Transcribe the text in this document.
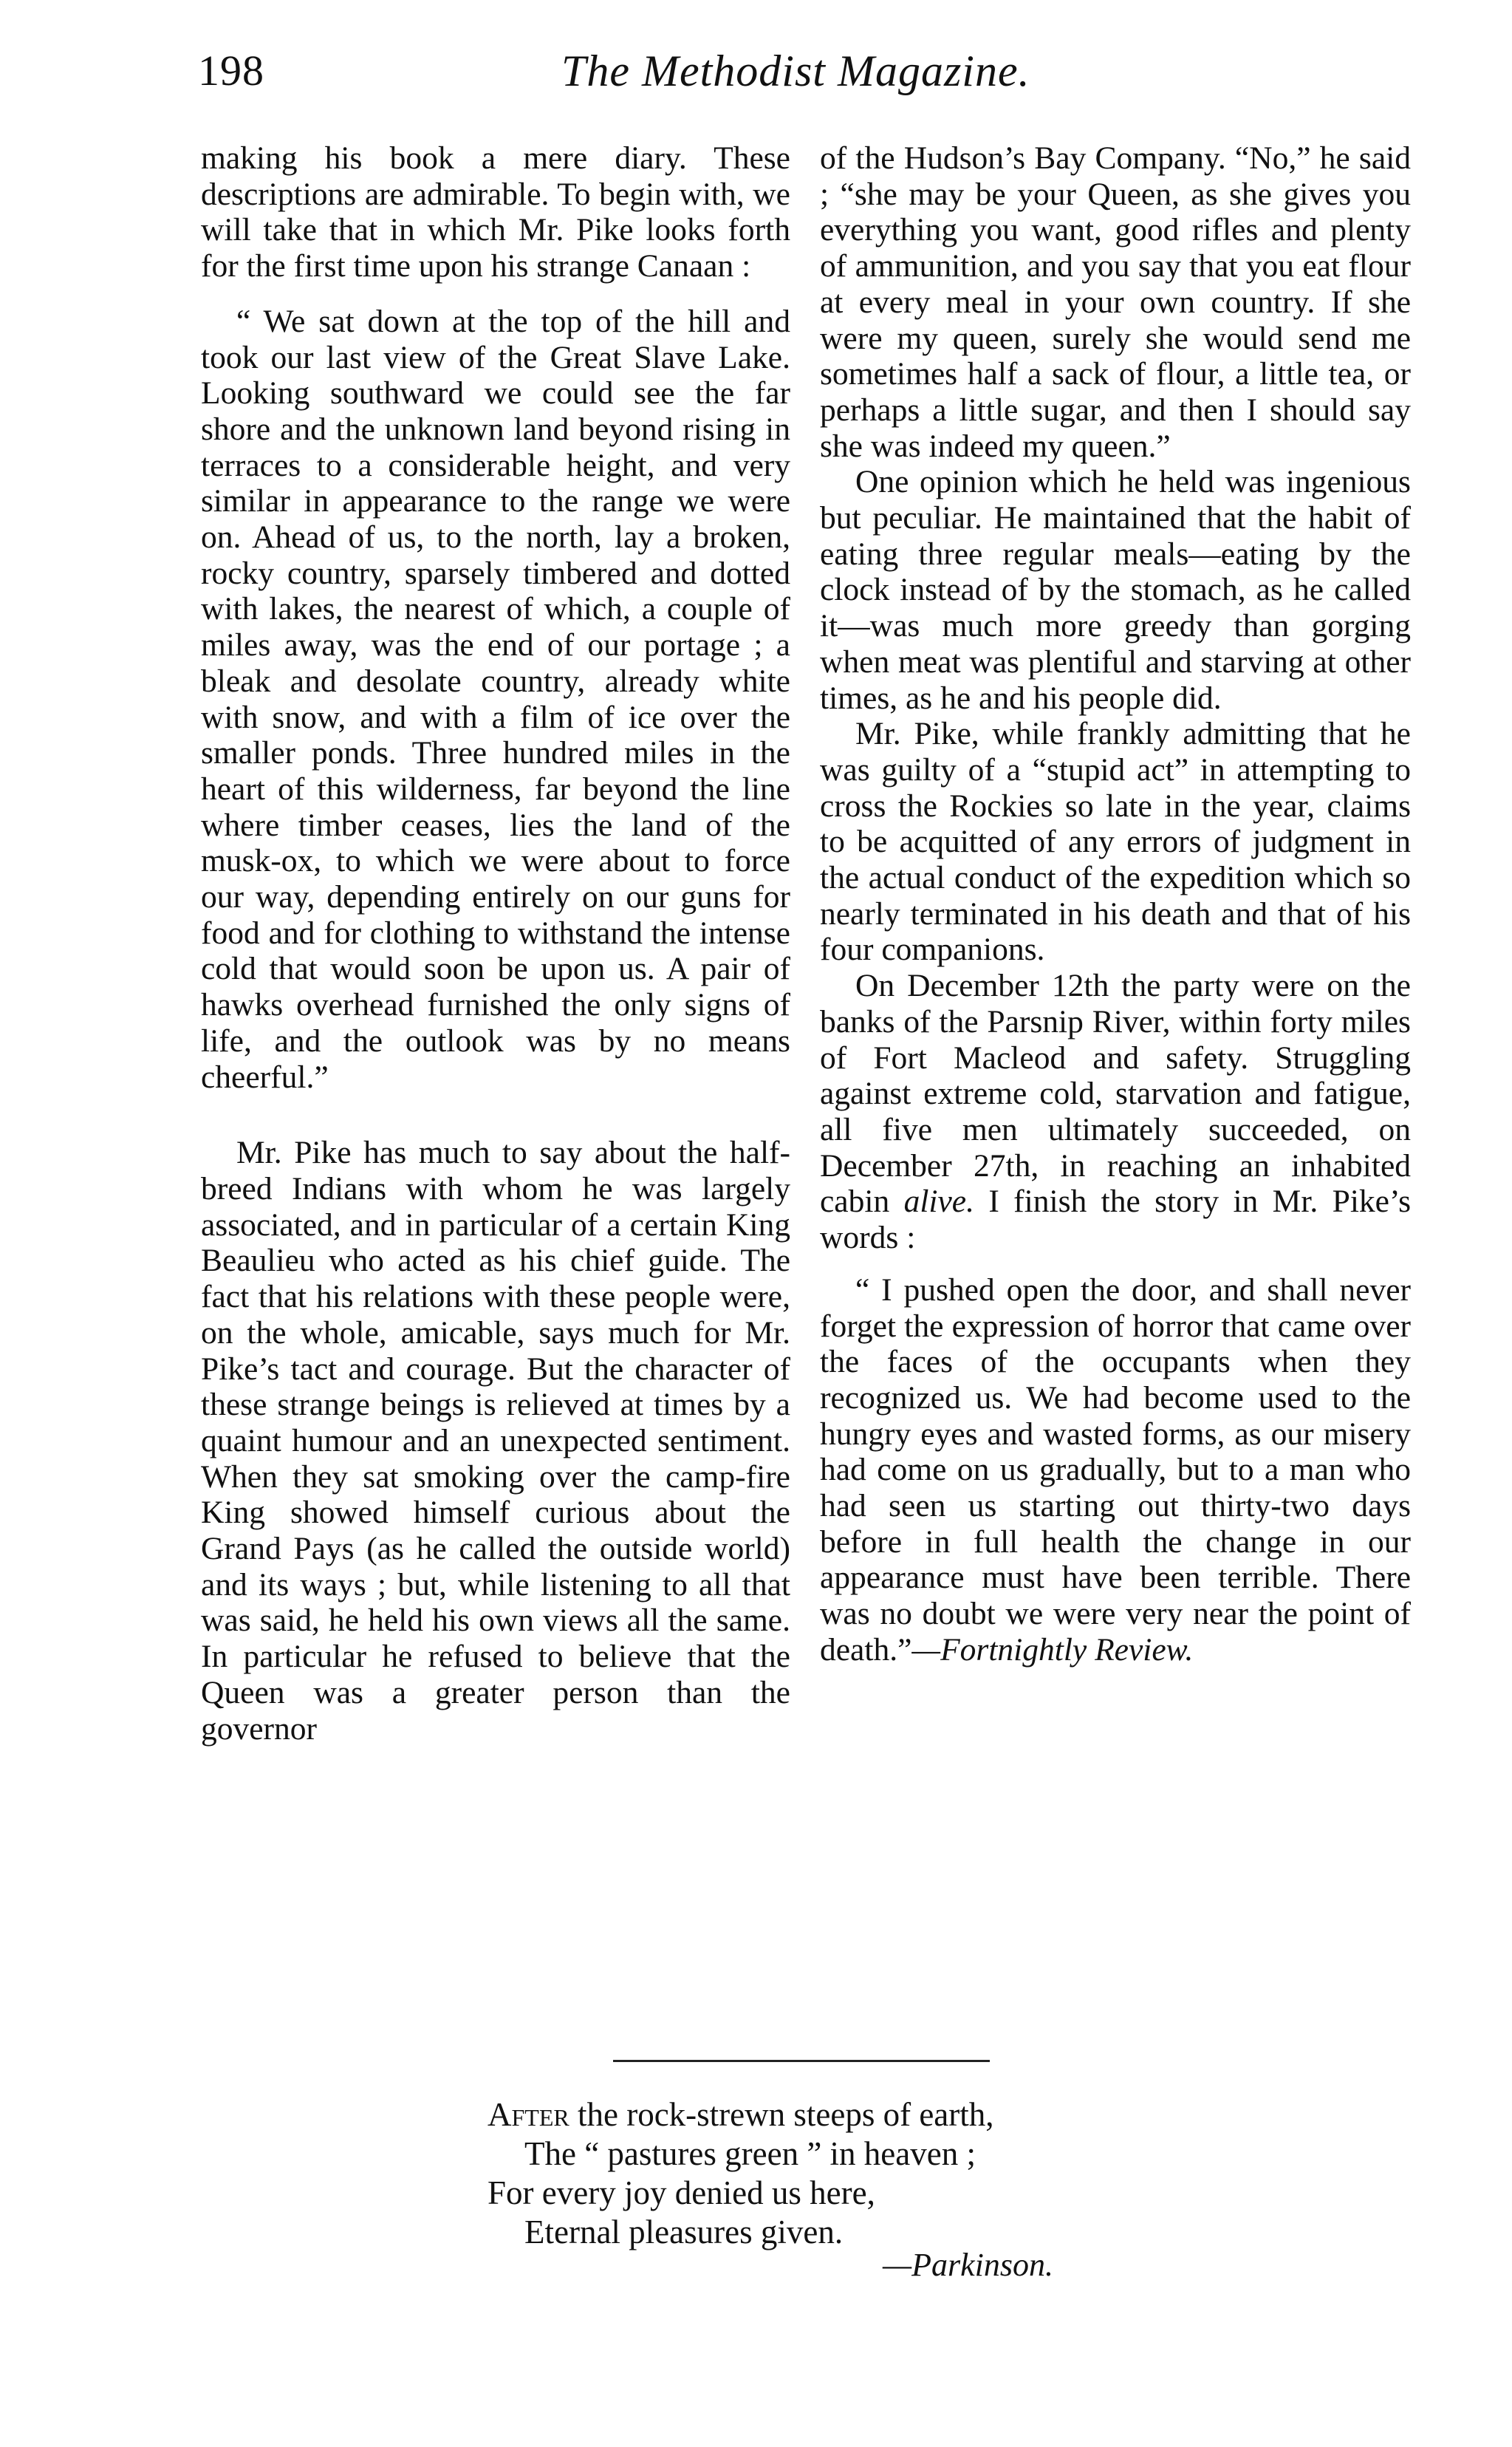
198	The Methodist Magazine.

making his book a mere diary. These descriptions are admirable. To begin with, we will take that in which Mr. Pike looks forth for the first time upon his strange Canaan :

“ We sat down at the top of the hill and took our last view of the Great Slave Lake. Looking southward we could see the far shore and the unknown land beyond rising in terraces to a considerable height, and very similar in appearance to the range we were on. Ahead of us, to the north, lay a broken, rocky country, sparsely timbered and dotted with lakes, the nearest of which, a couple of miles away, was the end of our portage ; a bleak and desolate country, already white with snow, and with a film of ice over the smaller ponds. Three hundred miles in the heart of this wilderness, far beyond the line where timber ceases, lies the land of the musk-ox, to which we were about to force our way, depending entirely on our guns for food and for clothing to withstand the intense cold that would soon be upon us. A pair of hawks overhead furnished the only signs of life, and the outlook was by no means cheerful.”

Mr. Pike has much to say about the half-breed Indians with whom he was largely associated, and in particular of a certain King Beaulieu who acted as his chief guide. The fact that his relations with these people were, on the whole, amicable, says much for Mr. Pike’s tact and courage. But the character of these strange beings is relieved at times by a quaint humour and an unexpected sentiment. When they sat smoking over the camp-fire King showed himself curious about the Grand Pays (as he called the outside world) and its ways ; but, while listening to all that was said, he held his own views all the same. In particular he refused to believe that the Queen was a greater person than the governor

of the Hudson’s Bay Company. “No,” he said ; “she may be your Queen, as she gives you everything you want, good rifles and plenty of ammunition, and you say that you eat flour at every meal in your own country. If she were my queen, surely she would send me sometimes half a sack of flour, a little tea, or perhaps a little sugar, and then I should say she was indeed my queen.”

One opinion which he held was ingenious but peculiar. He maintained that the habit of eating three regular meals—eating by the clock instead of by the stomach, as he called it—was much more greedy than gorging when meat was plentiful and starving at other times, as he and his people did.

Mr. Pike, while frankly admitting that he was guilty of a “stupid act” in attempting to cross the Rockies so late in the year, claims to be acquitted of any errors of judgment in the actual conduct of the expedition which so nearly terminated in his death and that of his four companions.

On December 12th the party were on the banks of the Parsnip River, within forty miles of Fort Macleod and safety. Struggling against extreme cold, starvation and fatigue, all five men ultimately succeeded, on December 27th, in reaching an inhabited cabin alive. I finish the story in Mr. Pike’s words :

“ I pushed open the door, and shall never forget the expression of horror that came over the faces of the occupants when they recognized us. We had become used to the hungry eyes and wasted forms, as our misery had come on us gradually, but to a man who had seen us starting out thirty-two days before in full health the change in our appearance must have been terrible. There was no doubt we were very near the point of death.”—Fortnightly Review.

After the rock-strewn steeps of earth,
The “ pastures green ” in heaven ;
For every joy denied us here,
Eternal pleasures given.
—Parkinson.
